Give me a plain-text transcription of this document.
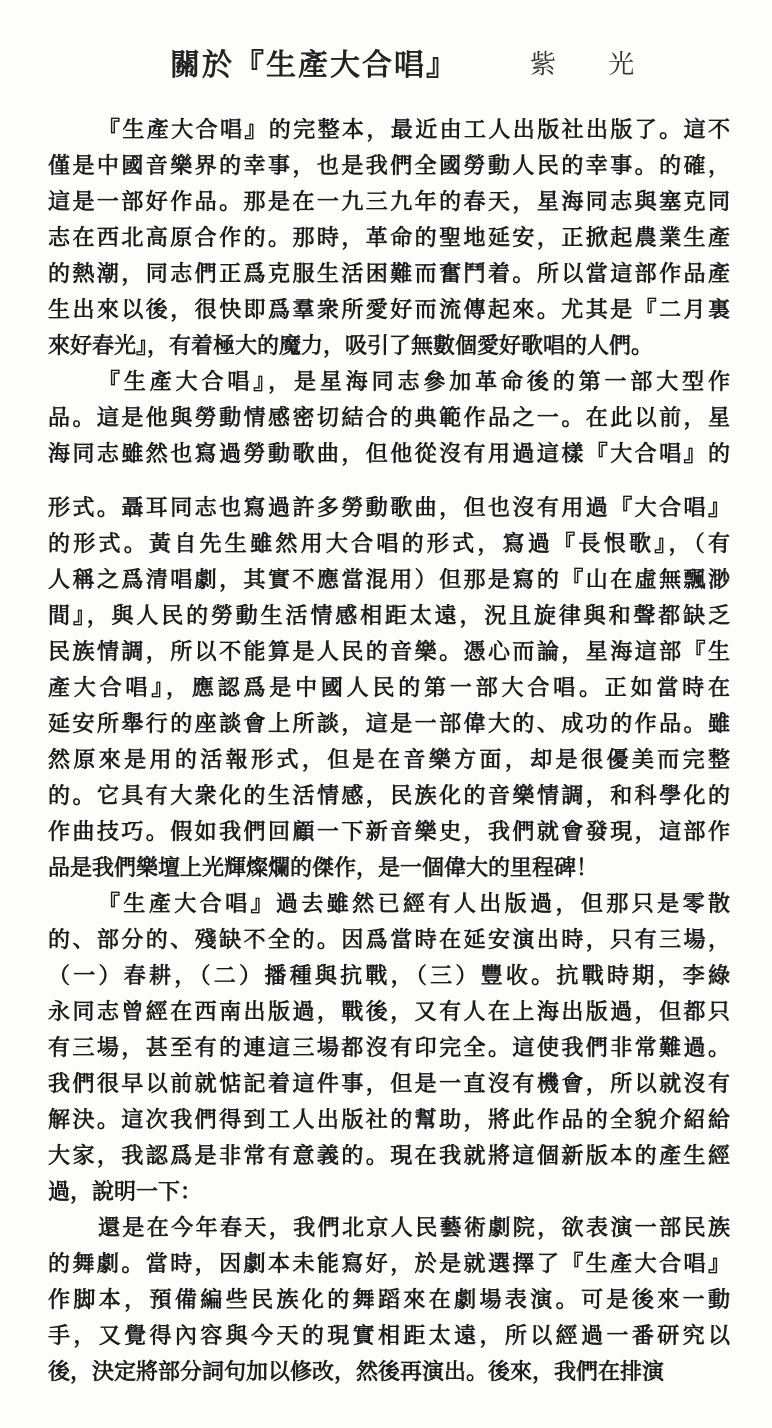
關於『生產大合唱』	紫 光
『生產大合唱』的完整本，最近由工人出版社出版了。這不
僅是中國音樂界的幸事，也是我們全國勞動人民的幸事。的確，
這是一部好作品。那是在一九三九年的春天，星海同志與塞克同
志在西北高原合作的。那時，革命的聖地延安，正掀起農業生產
的熱潮，同志們正爲克服生活困難而奮鬥着。所以當這部作品產
生出來以後，很快即爲羣衆所愛好而流傳起來。尤其是『二月裏
來好春光』，有着極大的魔力，吸引了無數個愛好歌唱的人們。
『生產大合唱』，是星海同志參加革命後的第一部大型作
品。這是他與勞動情感密切結合的典範作品之一。在此以前，星
海同志雖然也寫過勞動歌曲，但他從沒有用過這樣『大合唱』的
形式。聶耳同志也寫過許多勞動歌曲，但也沒有用過『大合唱』
的形式。黃自先生雖然用大合唱的形式，寫過『長恨歌』，（有
人稱之爲清唱劇，其實不應當混用）但那是寫的『山在虛無飄渺
間』，與人民的勞動生活情感相距太遠，況且旋律與和聲都缺乏
民族情調，所以不能算是人民的音樂。憑心而論，星海這部『生
產大合唱』，應認爲是中國人民的第一部大合唱。正如當時在
延安所舉行的座談會上所談，這是一部偉大的、成功的作品。雖
然原來是用的活報形式，但是在音樂方面，却是很優美而完整
的。它具有大衆化的生活情感，民族化的音樂情調，和科學化的
作曲技巧。假如我們回顧一下新音樂史，我們就會發現，這部作
品是我們樂壇上光輝燦爛的傑作，是一個偉大的里程碑！
『生產大合唱』過去雖然已經有人出版過，但那只是零散
的、部分的、殘缺不全的。因爲當時在延安演出時，只有三場，
（一）春耕，（二）播種與抗戰，（三）豐收。抗戰時期，李綠
永同志曾經在西南出版過，戰後，又有人在上海出版過，但都只
有三場，甚至有的連這三場都沒有印完全。這使我們非常難過。
我們很早以前就惦記着這件事，但是一直沒有機會，所以就沒有
解決。這次我們得到工人出版社的幫助，將此作品的全貌介紹給
大家，我認爲是非常有意義的。現在我就將這個新版本的產生經
過，說明一下：
還是在今年春天，我們北京人民藝術劇院，欲表演一部民族
的舞劇。當時，因劇本未能寫好，於是就選擇了『生產大合唱』
作脚本，預備編些民族化的舞蹈來在劇場表演。可是後來一動
手，又覺得內容與今天的現實相距太遠，所以經過一番研究以
後，決定將部分詞句加以修改，然後再演出。後來，我們在排演
